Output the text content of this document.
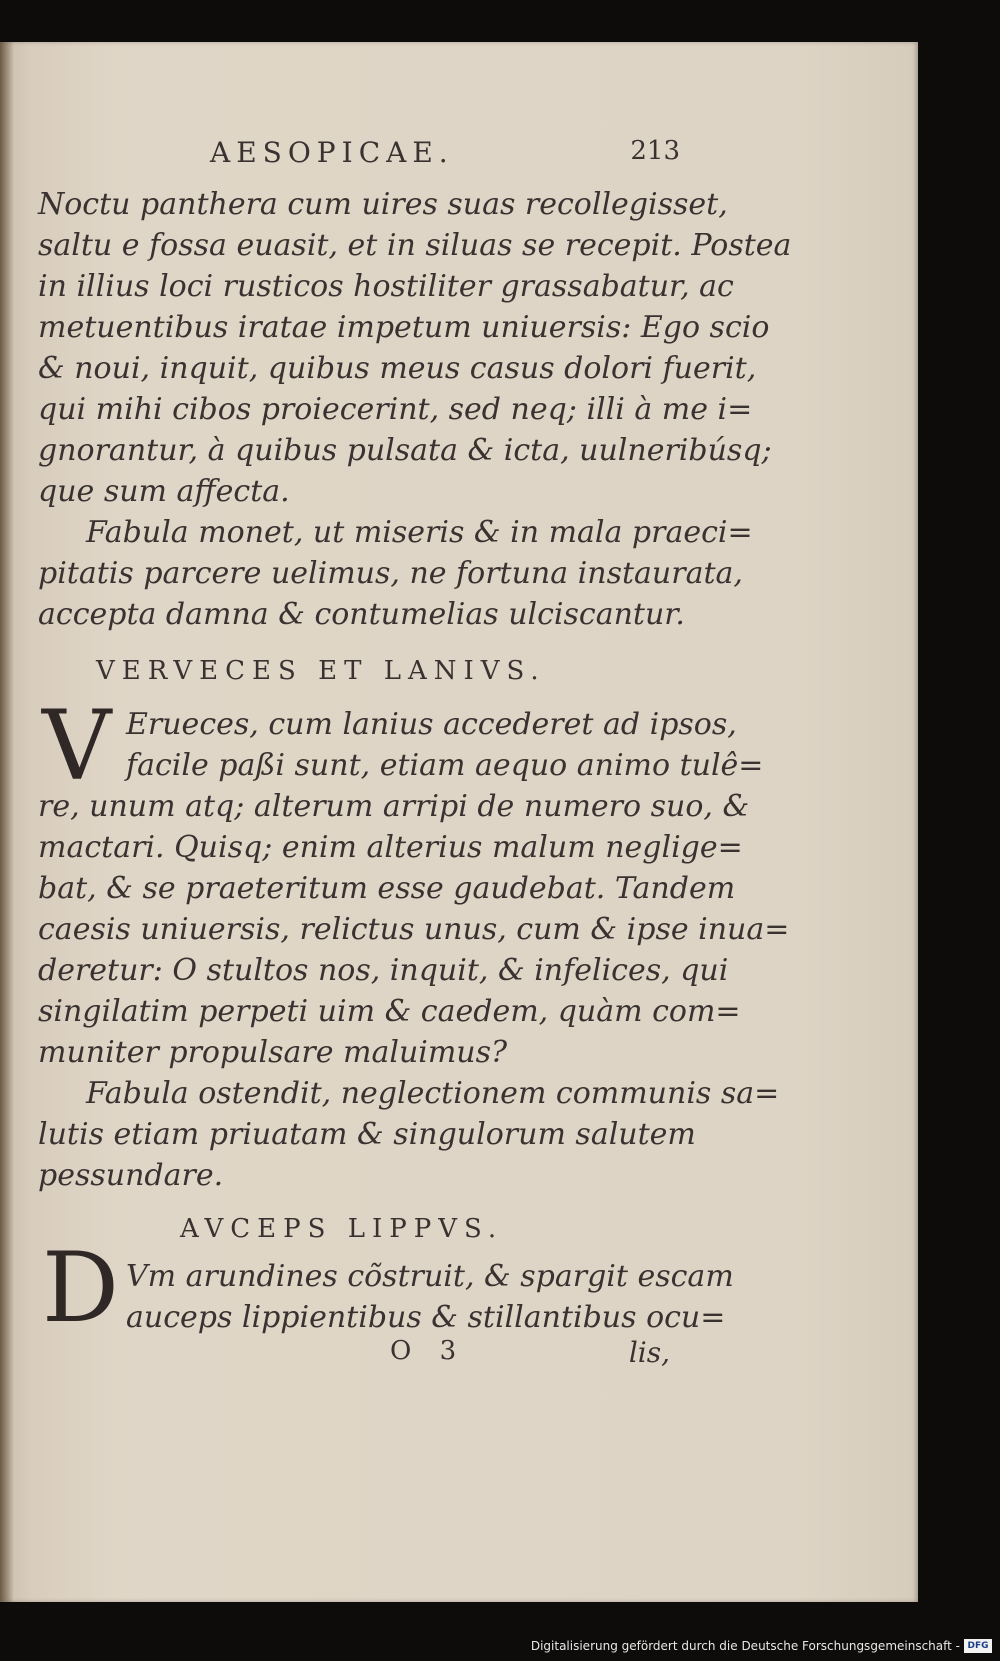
AESOPICAE.	213
Noctu panthera cum uires suas recollegisset,
saltu e fossa euasit, et in siluas se recepit. Postea
in illius loci rusticos hostiliter grassabatur, ac
metuentibus iratae impetum uniuersis: Ego scio
& noui, inquit, quibus meus casus dolori fuerit,
qui mihi cibos proiecerint, sed neq; illi à me i=
gnorantur, à quibus pulsata & icta, uulneribúsq;
que sum affecta.
Fabula monet, ut miseris & in mala praeci=
pitatis parcere uelimus, ne fortuna instaurata,
accepta damna & contumelias ulciscantur.
VERVECES ET LANIVS.
V Erueces, cum lanius accederet ad ipsos,
facile paßi sunt, etiam aequo animo tulê=
re, unum atq; alterum arripi de numero suo, &
mactari. Quisq; enim alterius malum neglige=
bat, & se praeteritum esse gaudebat. Tandem
caesis uniuersis, relictus unus, cum & ipse inua=
deretur: O stultos nos, inquit, & infelices, qui
singilatim perpeti uim & caedem, quàm com=
muniter propulsare maluimus?
Fabula ostendit, neglectionem communis sa=
lutis etiam priuatam & singulorum salutem
pessundare.
AVCEPS LIPPVS.
D Vm arundines cõstruit, & spargit escam
auceps lippientibus & stillantibus ocu=
O 3	lis,
Digitalisierung gefördert durch die Deutsche Forschungsgemeinschaft - DFG
